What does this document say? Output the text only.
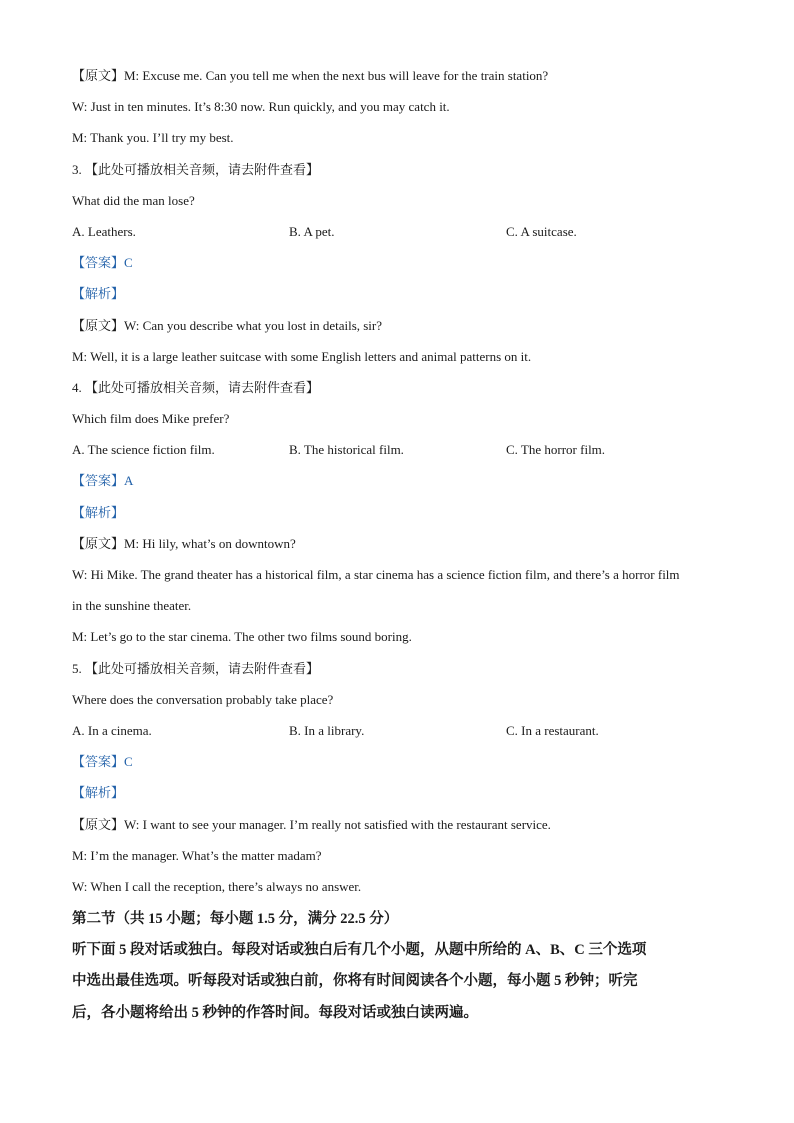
【原文】M: Excuse me. Can you tell me when the next bus will leave for the train station?
W: Just in ten minutes. It’s 8:30 now. Run quickly, and you may catch it.
M: Thank you. I’ll try my best.
3. 【此处可播放相关音频，请去附件查看】
What did the man lose?
A. Leathers.	B. A pet.	C. A suitcase.
【答案】C
【解析】
【原文】W: Can you describe what you lost in details, sir?
M: Well, it is a large leather suitcase with some English letters and animal patterns on it.
4. 【此处可播放相关音频，请去附件查看】
Which film does Mike prefer?
A. The science fiction film.	B. The historical film.	C. The horror film.
【答案】A
【解析】
【原文】M: Hi lily, what’s on downtown?
W: Hi Mike. The grand theater has a historical film, a star cinema has a science fiction film, and there’s a horror film
in the sunshine theater.
M: Let’s go to the star cinema. The other two films sound boring.
5. 【此处可播放相关音频，请去附件查看】
Where does the conversation probably take place?
A. In a cinema.	B. In a library.	C. In a restaurant.
【答案】C
【解析】
【原文】W: I want to see your manager. I’m really not satisfied with the restaurant service.
M: I’m the manager. What’s the matter madam?
W: When I call the reception, there’s always no answer.
第二节（共 15 小题；每小题 1.5 分，满分 22.5 分）
听下面 5 段对话或独白。每段对话或独白后有几个小题，从题中所给的 A、B、C 三个选项
中选出最佳选项。听每段对话或独白前，你将有时间阅读各个小题，每小题 5 秒钟；听完
后，各小题将给出 5 秒钟的作答时间。每段对话或独白读两遍。
